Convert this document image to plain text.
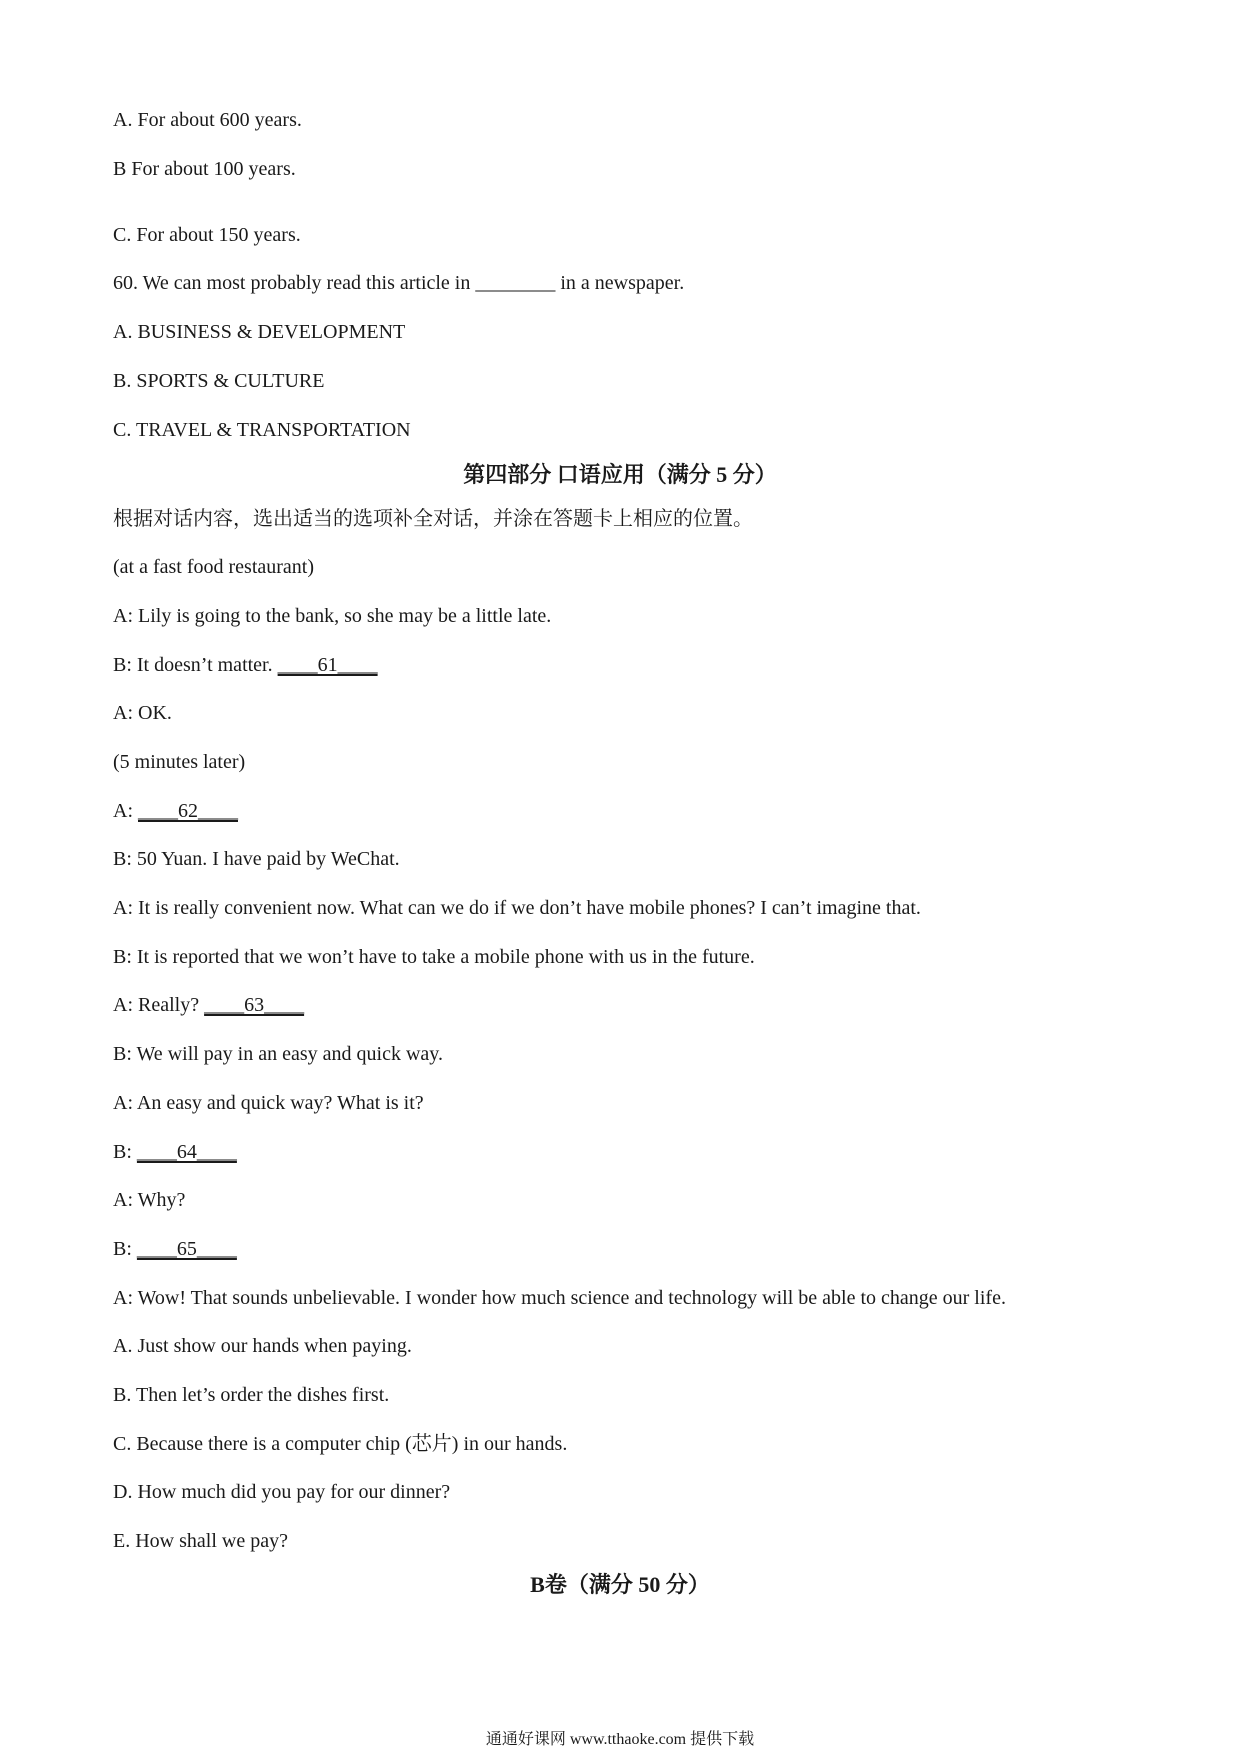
A. For about 600 years.
B For about 100 years.
C. For about 150 years.
60. We can most probably read this article in ________ in a newspaper.
A. BUSINESS & DEVELOPMENT
B. SPORTS & CULTURE
C. TRAVEL & TRANSPORTATION
第四部分 口语应用（满分 5 分）
根据对话内容，选出适当的选项补全对话，并涂在答题卡上相应的位置。
(at a fast food restaurant)
A: Lily is going to the bank, so she may be a little late.
B: It doesn’t matter. ____61____
A: OK.
(5 minutes later)
A: ____62____
B: 50 Yuan. I have paid by WeChat.
A: It is really convenient now. What can we do if we don’t have mobile phones? I can’t imagine that.
B: It is reported that we won’t have to take a mobile phone with us in the future.
A: Really? ____63____
B: We will pay in an easy and quick way.
A: An easy and quick way? What is it?
B: ____64____
A: Why?
B: ____65____
A: Wow! That sounds unbelievable. I wonder how much science and technology will be able to change our life.
A. Just show our hands when paying.
B. Then let’s order the dishes first.
C. Because there is a computer chip (芯片) in our hands.
D. How much did you pay for our dinner?
E. How shall we pay?
B卷（满分 50 分）
通通好课网 www.tthaoke.com 提供下载
